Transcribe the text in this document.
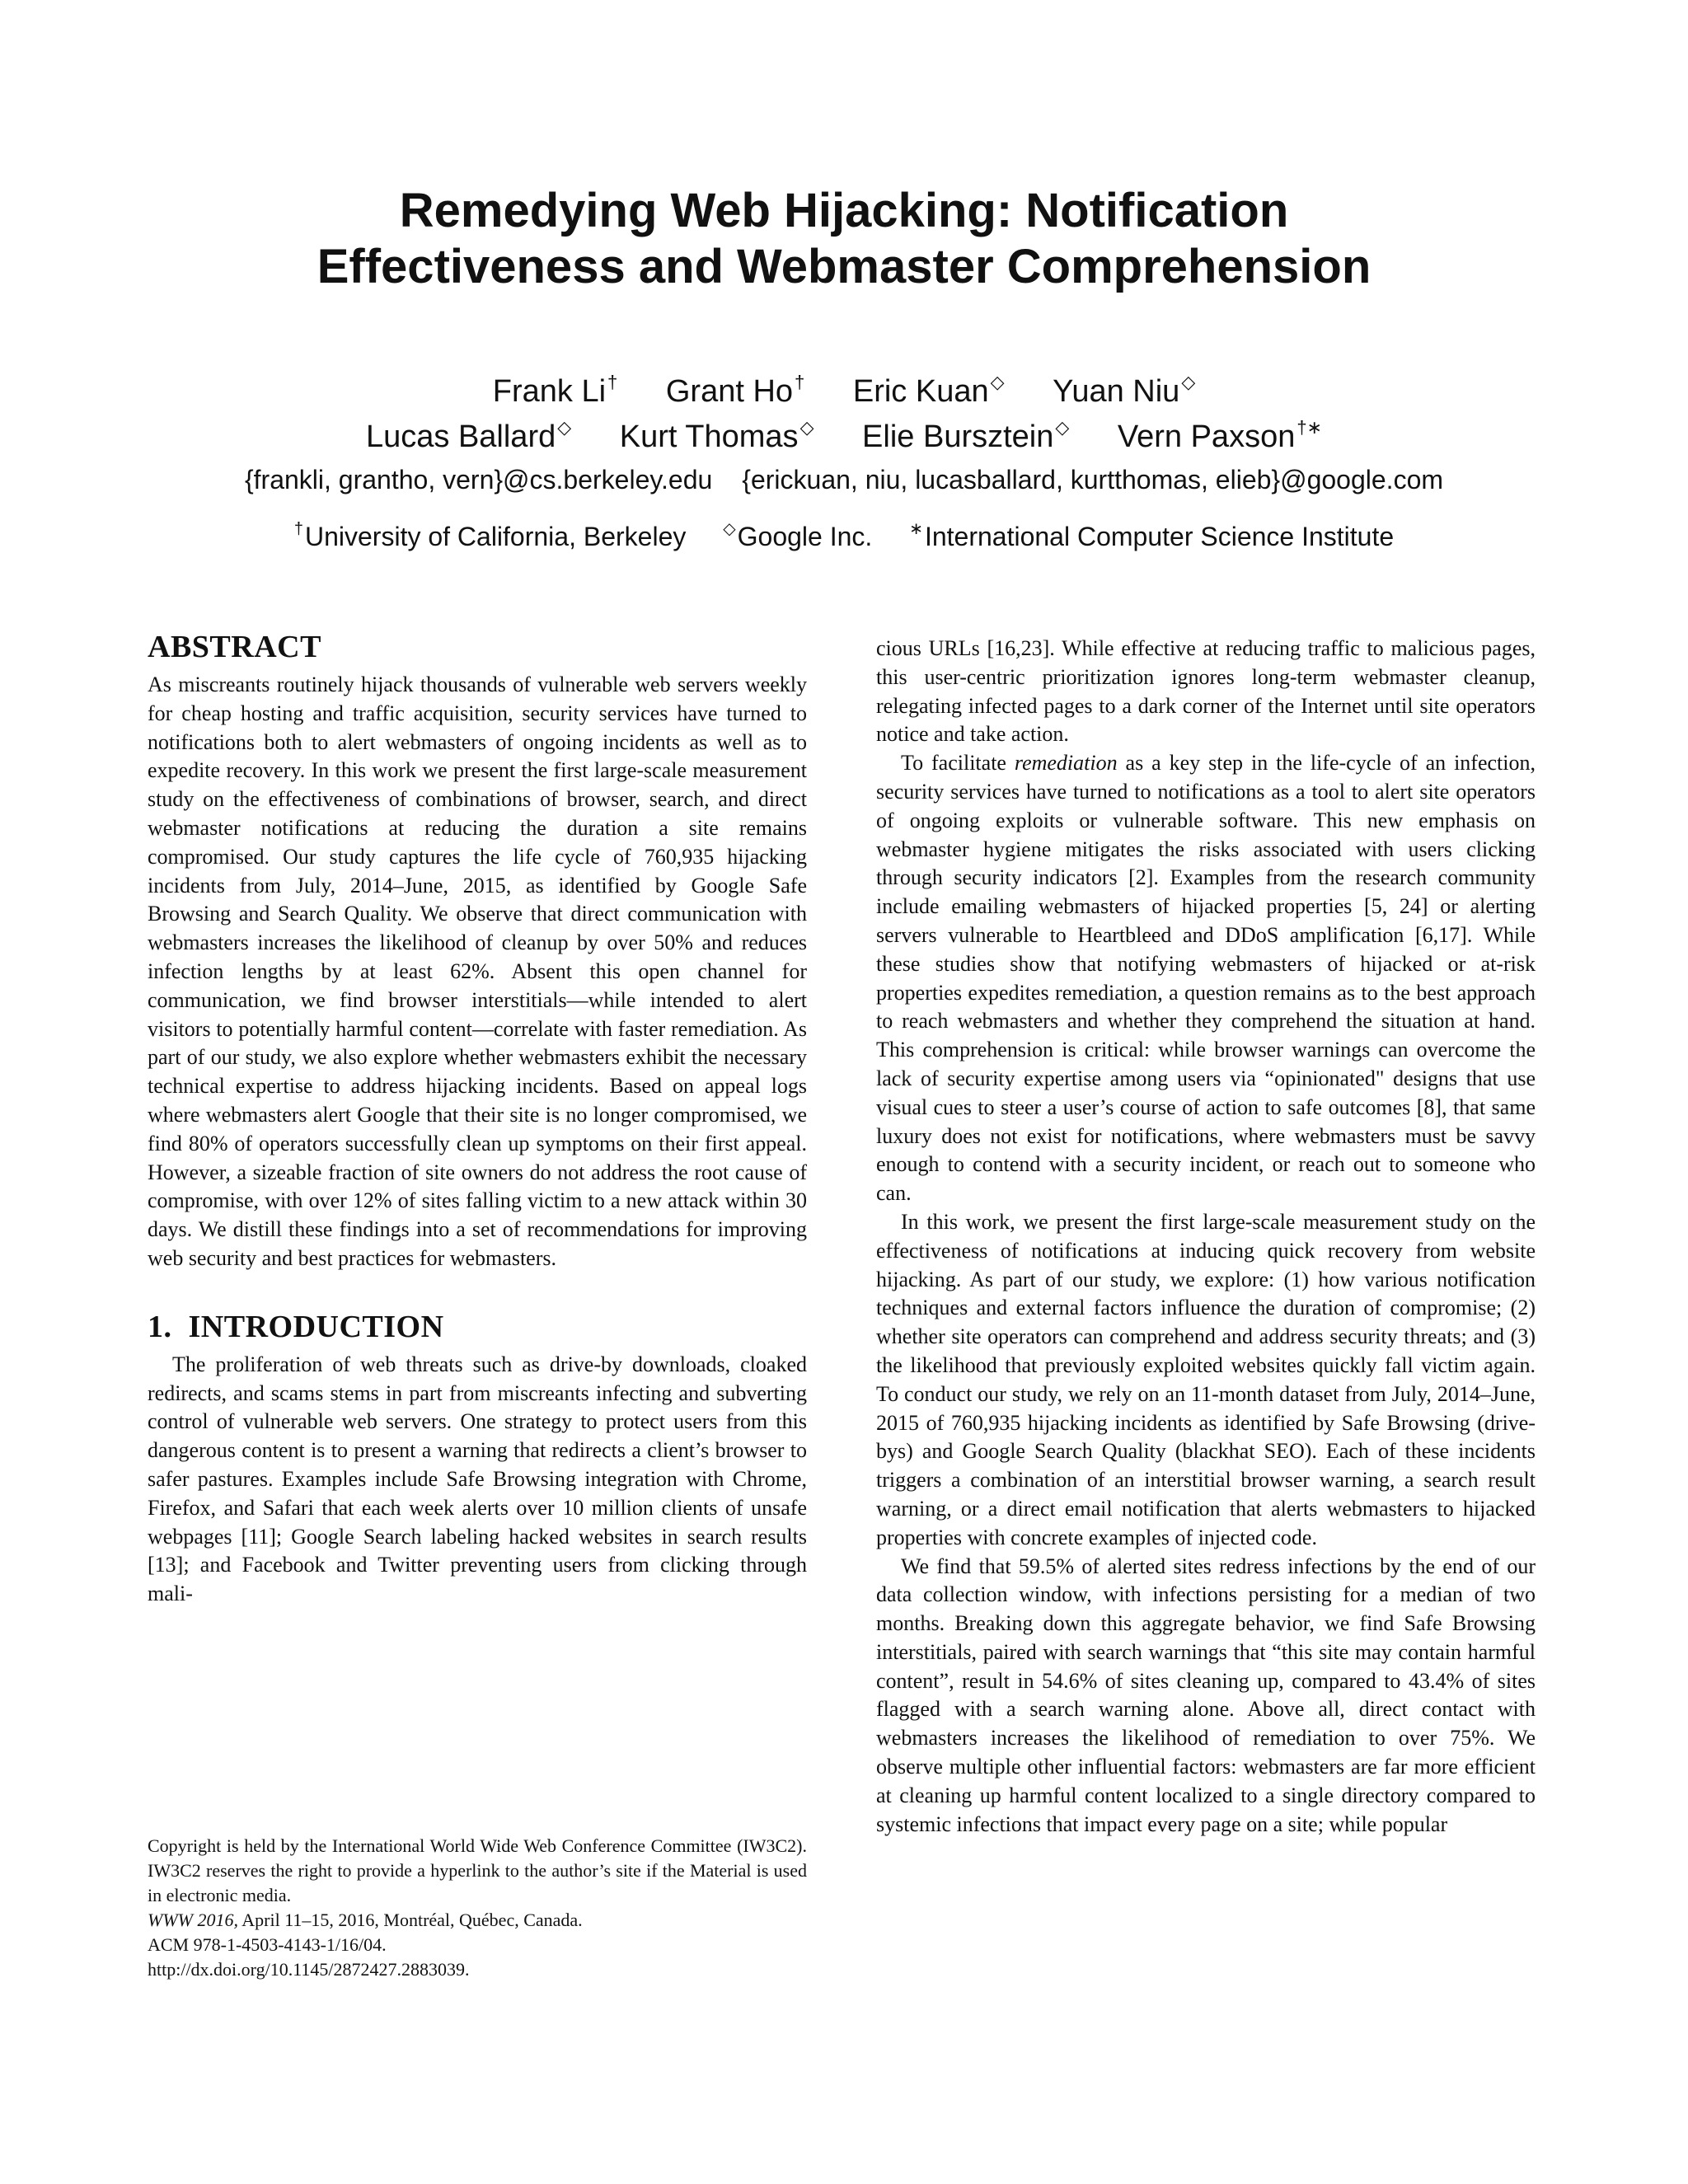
Remedying Web Hijacking: Notification
Effectiveness and Webmaster Comprehension
Frank Li† Grant Ho† Eric Kuan◇ Yuan Niu◇
Lucas Ballard◇ Kurt Thomas◇ Elie Bursztein◇ Vern Paxson†∗
{frankli, grantho, vern}@cs.berkeley.edu {erickuan, niu, lucasballard, kurtthomas, elieb}@google.com
†University of California, Berkeley ◇Google Inc. ∗International Computer Science Institute
ABSTRACT

As miscreants routinely hijack thousands of vulnerable web servers weekly for cheap hosting and traffic acquisition, security services have turned to notifications both to alert webmasters of ongoing incidents as well as to expedite recovery. In this work we present the first large-scale measurement study on the effectiveness of combinations of browser, search, and direct webmaster notifications at reducing the duration a site remains compromised. Our study captures the life cycle of 760,935 hijacking incidents from July, 2014–June, 2015, as identified by Google Safe Browsing and Search Quality. We observe that direct communication with webmasters increases the likelihood of cleanup by over 50% and reduces infection lengths by at least 62%. Absent this open channel for communication, we find browser interstitials—while intended to alert visitors to potentially harmful content—correlate with faster remediation. As part of our study, we also explore whether webmasters exhibit the necessary technical expertise to address hijacking incidents. Based on appeal logs where webmasters alert Google that their site is no longer compromised, we find 80% of operators successfully clean up symptoms on their first appeal. However, a sizeable fraction of site owners do not address the root cause of compromise, with over 12% of sites falling victim to a new attack within 30 days. We distill these findings into a set of recommendations for improving web security and best practices for webmasters.

1. INTRODUCTION

The proliferation of web threats such as drive-by downloads, cloaked redirects, and scams stems in part from miscreants infecting and subverting control of vulnerable web servers. One strategy to protect users from this dangerous content is to present a warning that redirects a client’s browser to safer pastures. Examples include Safe Browsing integration with Chrome, Firefox, and Safari that each week alerts over 10 million clients of unsafe webpages [11]; Google Search labeling hacked websites in search results [13]; and Facebook and Twitter preventing users from clicking through mali-

cious URLs [16,23]. While effective at reducing traffic to malicious pages, this user-centric prioritization ignores long-term webmaster cleanup, relegating infected pages to a dark corner of the Internet until site operators notice and take action.

To facilitate remediation as a key step in the life-cycle of an infection, security services have turned to notifications as a tool to alert site operators of ongoing exploits or vulnerable software. This new emphasis on webmaster hygiene mitigates the risks associated with users clicking through security indicators [2]. Examples from the research community include emailing webmasters of hijacked properties [5, 24] or alerting servers vulnerable to Heartbleed and DDoS amplification [6,17]. While these studies show that notifying webmasters of hijacked or at-risk properties expedites remediation, a question remains as to the best approach to reach webmasters and whether they comprehend the situation at hand. This comprehension is critical: while browser warnings can overcome the lack of security expertise among users via “opinionated" designs that use visual cues to steer a user’s course of action to safe outcomes [8], that same luxury does not exist for notifications, where webmasters must be savvy enough to contend with a security incident, or reach out to someone who can.

In this work, we present the first large-scale measurement study on the effectiveness of notifications at inducing quick recovery from website hijacking. As part of our study, we explore: (1) how various notification techniques and external factors influence the duration of compromise; (2) whether site operators can comprehend and address security threats; and (3) the likelihood that previously exploited websites quickly fall victim again. To conduct our study, we rely on an 11-month dataset from July, 2014–June, 2015 of 760,935 hijacking incidents as identified by Safe Browsing (drive-bys) and Google Search Quality (blackhat SEO). Each of these incidents triggers a combination of an interstitial browser warning, a search result warning, or a direct email notification that alerts webmasters to hijacked properties with concrete examples of injected code.

We find that 59.5% of alerted sites redress infections by the end of our data collection window, with infections persisting for a median of two months. Breaking down this aggregate behavior, we find Safe Browsing interstitials, paired with search warnings that “this site may contain harmful content”, result in 54.6% of sites cleaning up, compared to 43.4% of sites flagged with a search warning alone. Above all, direct contact with webmasters increases the likelihood of remediation to over 75%. We observe multiple other influential factors: webmasters are far more efficient at cleaning up harmful content localized to a single directory compared to systemic infections that impact every page on a site; while popular

Copyright is held by the International World Wide Web Conference Committee (IW3C2). IW3C2 reserves the right to provide a hyperlink to the author’s site if the Material is used in electronic media.
WWW 2016, April 11–15, 2016, Montréal, Québec, Canada.
ACM 978-1-4503-4143-1/16/04.
http://dx.doi.org/10.1145/2872427.2883039.
